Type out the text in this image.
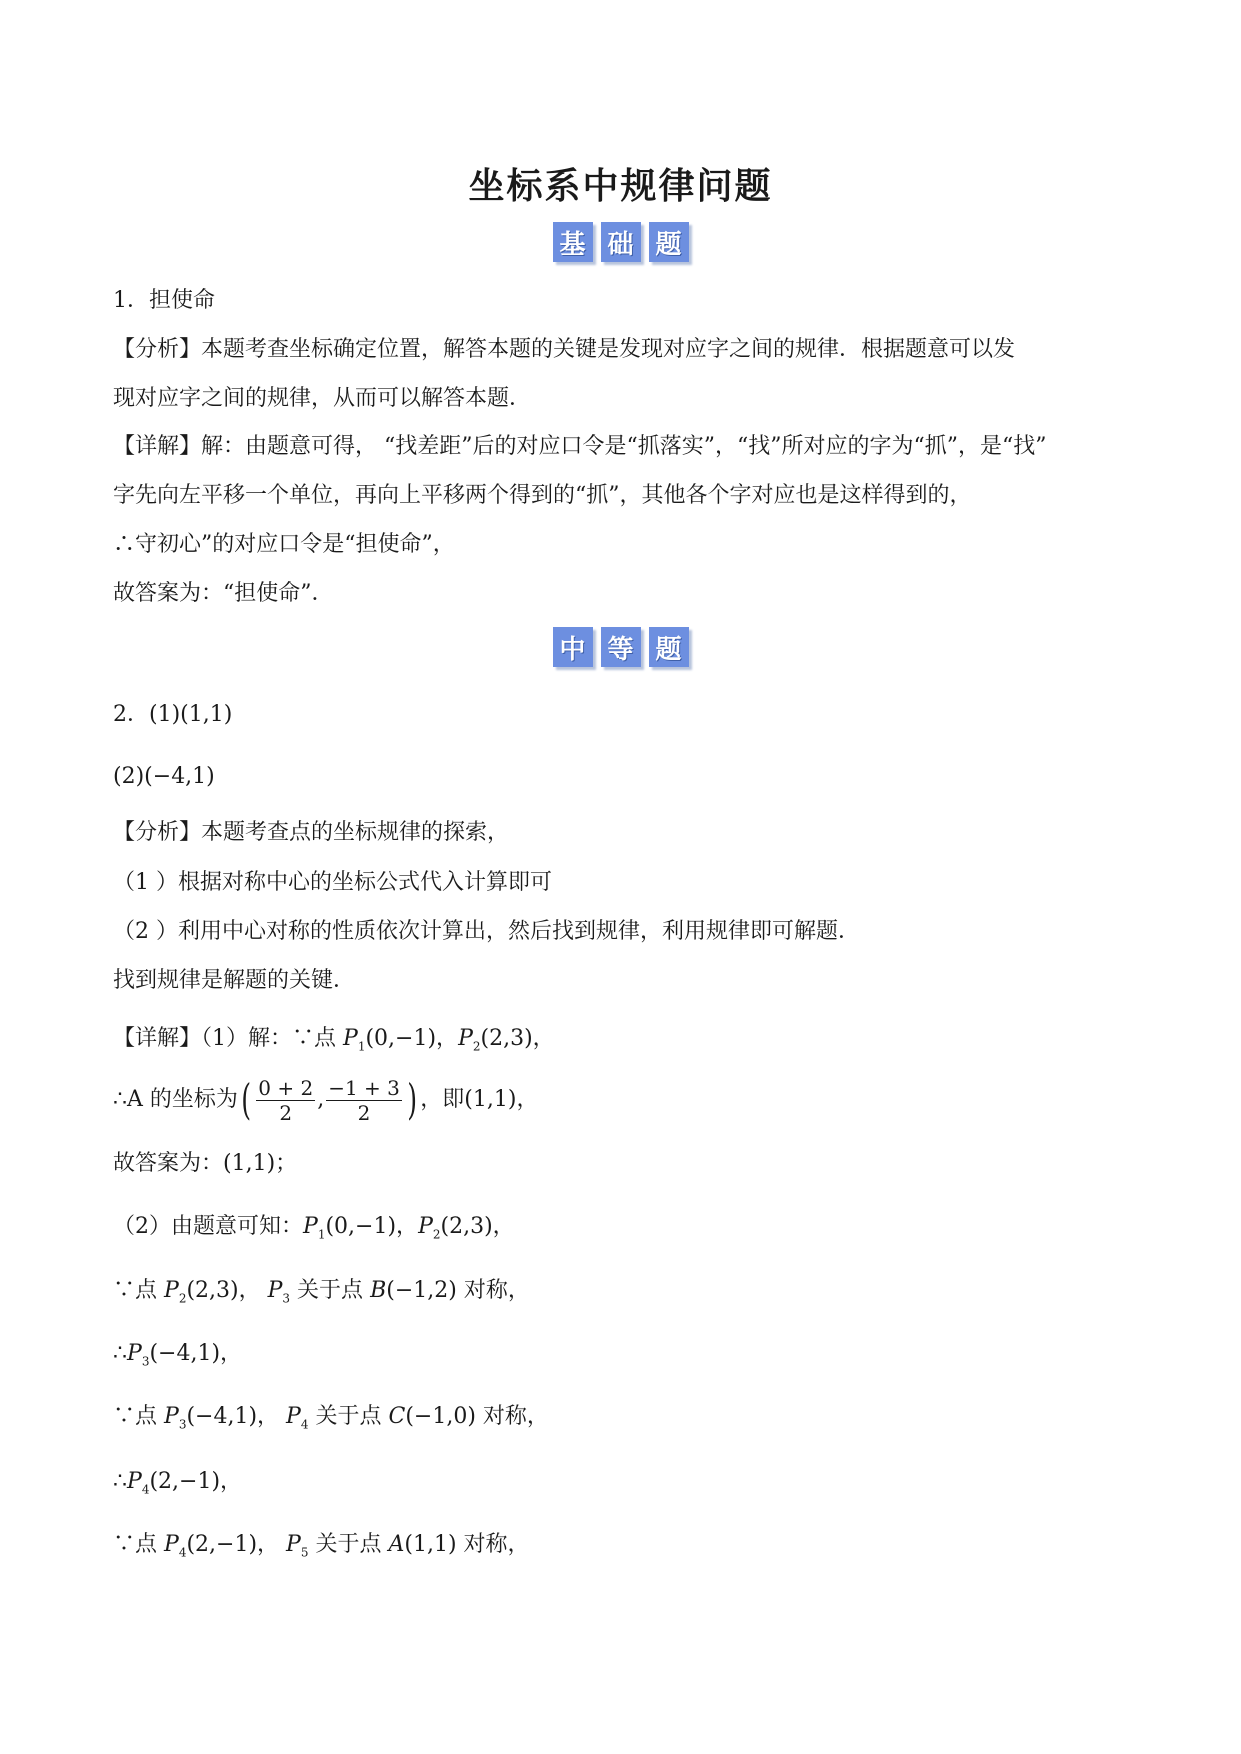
坐标系中规律问题
基 础 题
1．担使命
【分析】本题考查坐标确定位置，解答本题的关键是发现对应字之间的规律．根据题意可以发
现对应字之间的规律，从而可以解答本题．
【详解】解：由题意可得， “找差距”后的对应口令是“抓落实”，“找”所对应的字为“抓”，是“找”
字先向左平移一个单位，再向上平移两个得到的“抓”，其他各个字对应也是这样得到的，
∴守初心”的对应口令是“担使命”，
故答案为：“担使命”．
中 等 题
2．(1)(1,1)
(2)(−4,1)
【分析】本题考查点的坐标规律的探索，
（1 ）根据对称中心的坐标公式代入计算即可
（2 ）利用中心对称的性质依次计算出，然后找到规律，利用规律即可解题．
找到规律是解题的关键．
【详解】（1）解：∵点 $P_1(0,-1)$，$P_2(2,3)$，
∴A 的坐标为 ( $\frac{0 + 2}{2}$ , $\frac{-1 + 3}{2}$ ) ，即 (1,1) ，
故答案为：(1,1)；
（2）由题意可知：$P_1(0,-1)$，$P_2(2,3)$，
∵点 $P_2(2,3)$， $P_3$ 关于点 B(−1,2) 对称，
$\therefore P_3(-4,1)$，
∵点 $P_3(-4,1)$， $P_4$ 关于点 C(−1,0) 对称，
$\therefore P_4(2,-1)$，
∵点 $P_4(2,-1)$， $P_5$ 关于点 A(1,1) 对称，
